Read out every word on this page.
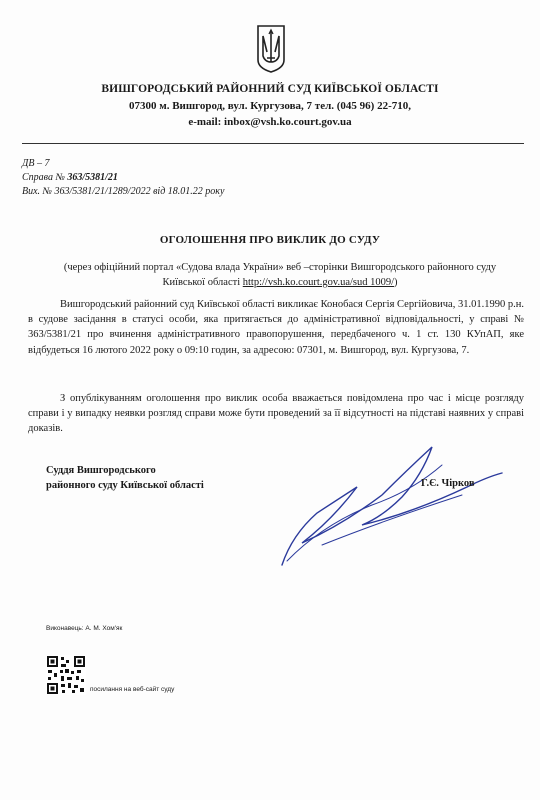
ВИШГОРОДСЬКИЙ РАЙОННИЙ СУД КИЇВСЬКОЇ ОБЛАСТІ
07300 м. Вишгород, вул. Кургузова, 7 тел. (045 96) 22-710,
e-mail: inbox@vsh.ko.court.gov.ua
ДВ – 7
Справа № 363/5381/21
Вих. № 363/5381/21/1289/2022 від 18.01.22 року
ОГОЛОШЕННЯ ПРО ВИКЛИК ДО СУДУ
(через офіційний портал «Судова влада України» веб –сторінки Вишгородського районного суду Київської області http://vsh.ko.court.gov.ua/sud 1009/)
Вишгородський районний суд Київської області викликає Конобася Сергія Сергійовича, 31.01.1990 р.н. в судове засідання в статусі особи, яка притягається до адміністративної відповідальності, у справі № 363/5381/21 про вчинення адміністративного правопорушення, передбаченого ч. 1 ст. 130 КУпАП, яке відбудеться 16 лютого 2022 року о 09:10 годин, за адресою: 07301, м. Вишгород, вул. Кургузова, 7.
З опублікуванням оголошення про виклик особа вважається повідомлена про час і місце розгляду справи і у випадку неявки розгляд справи може бути проведений за її відсутності на підставі наявних у справі доказів.
Суддя Вишгородського
районного суду Київської області	Г.Є. Чірков
Виконавець: А. М. Хом'як
посилання на веб-сайт суду
